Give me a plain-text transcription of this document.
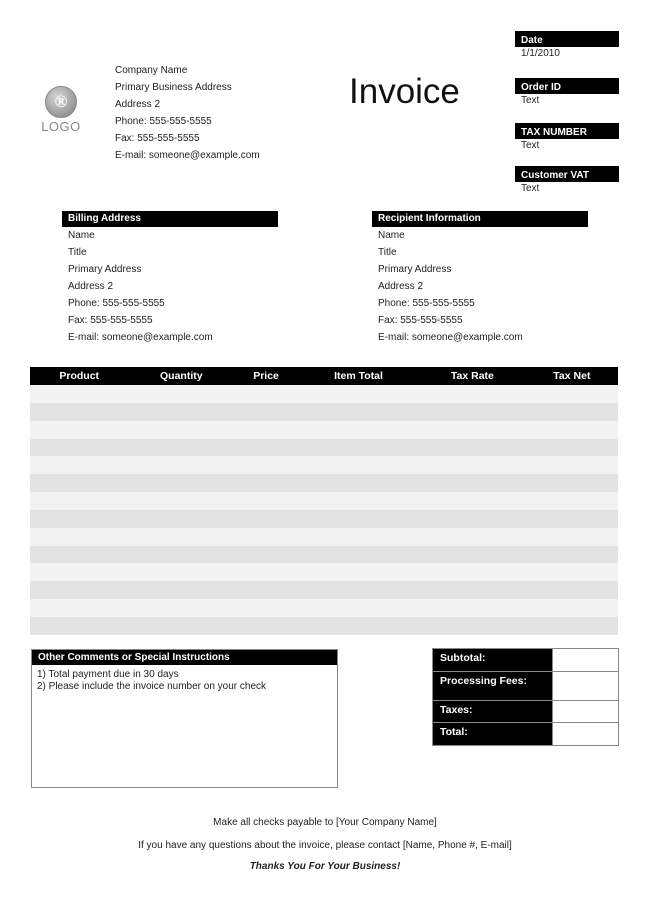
®
LOGO
Company Name
Primary Business Address
Address 2
Phone: 555-555-5555
Fax: 555-555-5555
E-mail: someone@example.com
Invoice
Date
1/1/2010
Order ID
Text
TAX NUMBER
Text
Customer VAT
Text
Billing Address
Name
Title
Primary Address
Address 2
Phone: 555-555-5555
Fax: 555-555-5555
E-mail: someone@example.com
Recipient Information
Name
Title
Primary Address
Address 2
Phone: 555-555-5555
Fax: 555-555-5555
E-mail: someone@example.com
Product	Quantity	Price	Item Total	Tax Rate	Tax Net

Other Comments or Special Instructions
1) Total payment due in 30 days
2) Please include the invoice number on your check
Subtotal:	
Processing Fees:	
Taxes:	
Total:	
Make all checks payable to [Your Company Name]
If you have any questions about the invoice, please contact [Name, Phone #, E-mail]
Thanks You For Your Business!
